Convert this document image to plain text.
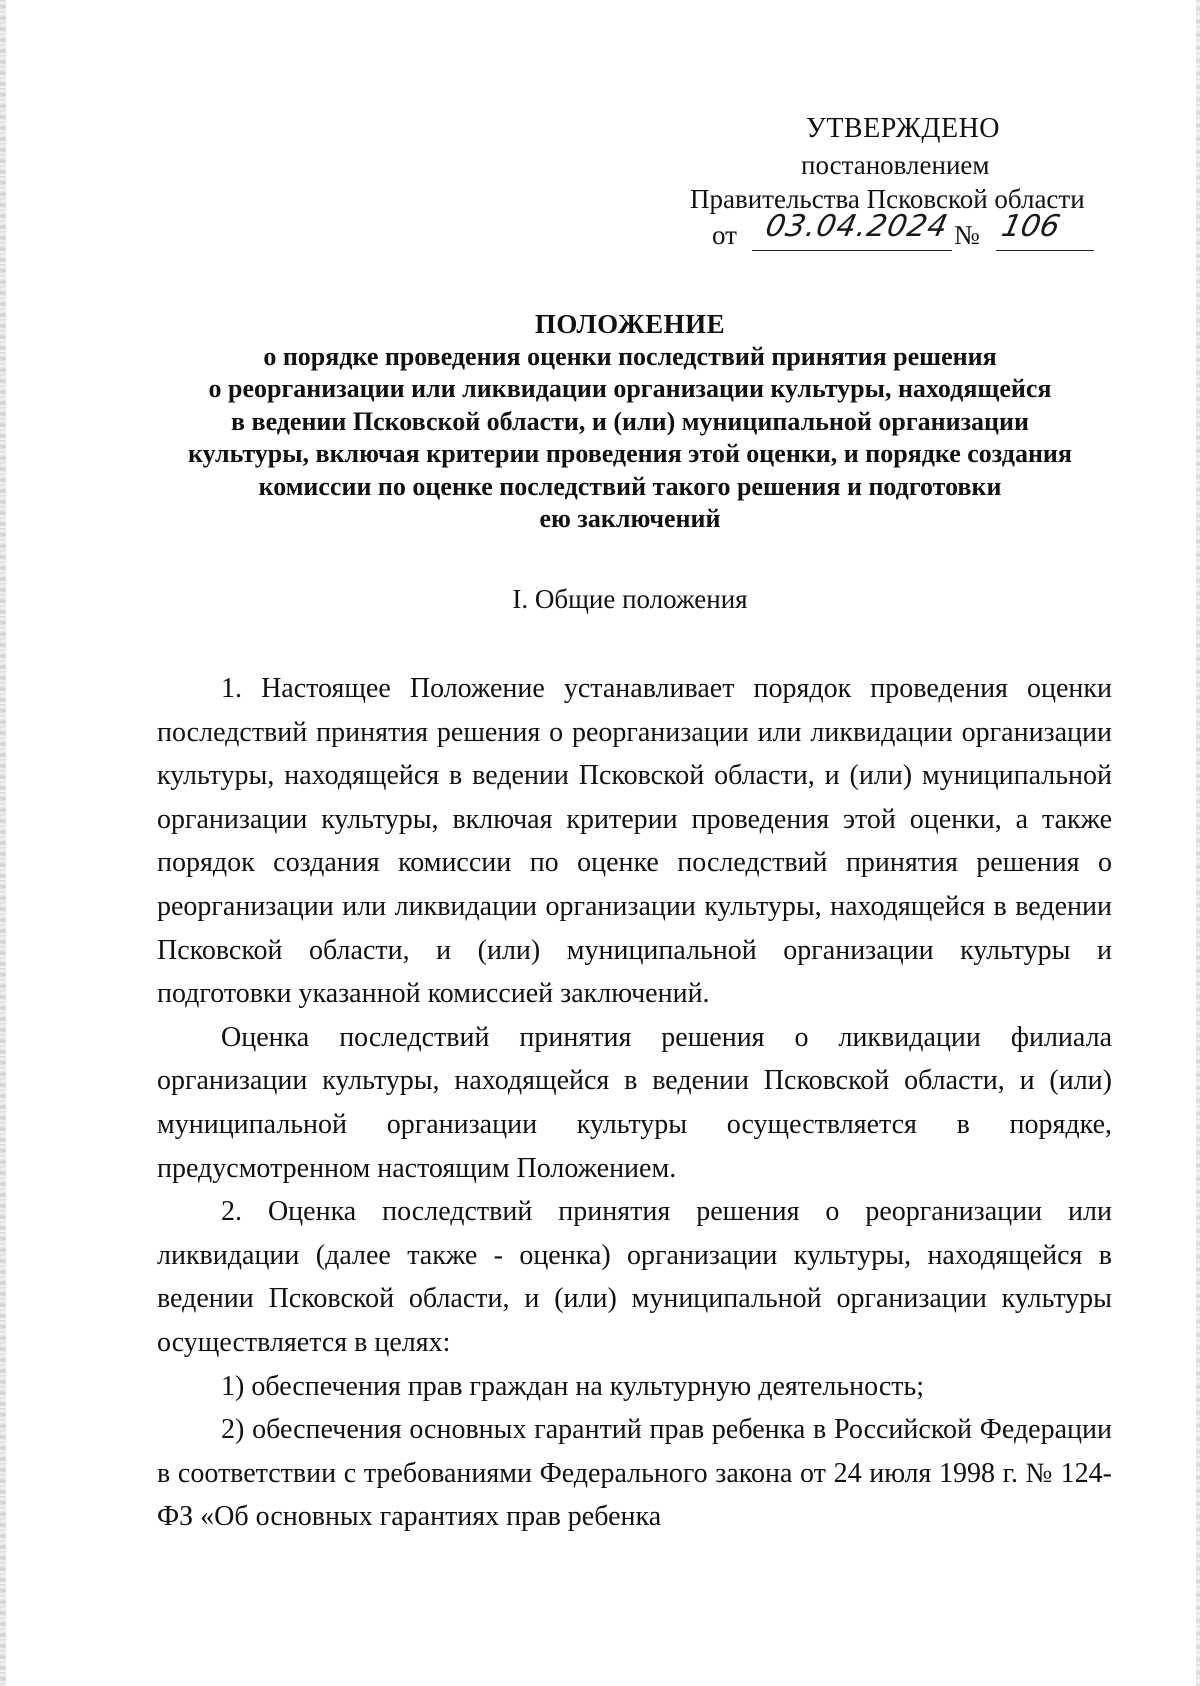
УТВЕРЖДЕНО
постановлением
Правительства Псковской области
от 03.04.2024 № 106
ПОЛОЖЕНИЕ
о порядке проведения оценки последствий принятия решения
о реорганизации или ликвидации организации культуры, находящейся
в ведении Псковской области, и (или) муниципальной организации
культуры, включая критерии проведения этой оценки, и порядке создания
комиссии по оценке последствий такого решения и подготовки
ею заключений
I. Общие положения

1. Настоящее Положение устанавливает порядок проведения оценки последствий принятия решения о реорганизации или ликвидации организации культуры, находящейся в ведении Псковской области, и (или) муниципальной организации культуры, включая критерии проведения этой оценки, а также порядок создания комиссии по оценке последствий принятия решения о реорганизации или ликвидации организации культуры, находящейся в ведении Псковской области, и (или) муниципальной организации культуры и подготовки указанной комиссией заключений.

Оценка последствий принятия решения о ликвидации филиала организации культуры, находящейся в ведении Псковской области, и (или) муниципальной организации культуры осуществляется в порядке, предусмотренном настоящим Положением.

2. Оценка последствий принятия решения о реорганизации или ликвидации (далее также - оценка) организации культуры, находящейся в ведении Псковской области, и (или) муниципальной организации культуры осуществляется в целях:

1) обеспечения прав граждан на культурную деятельность;

2) обеспечения основных гарантий прав ребенка в Российской Федерации в соответствии с требованиями Федерального закона от 24 июля 1998 г. № 124-ФЗ «Об основных гарантиях прав ребенка
